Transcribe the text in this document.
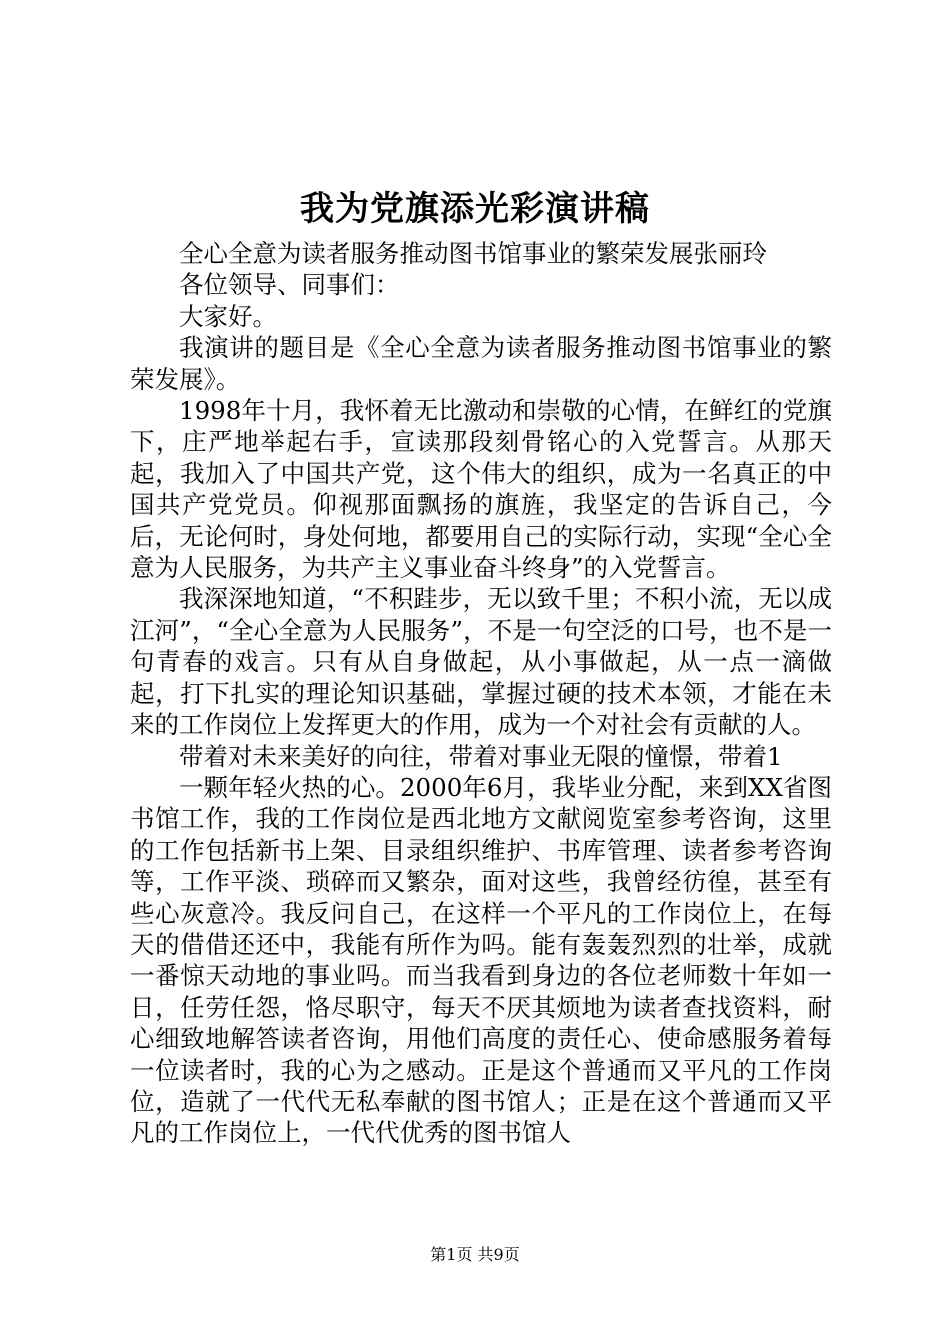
我为党旗添光彩演讲稿

全心全意为读者服务推动图书馆事业的繁荣发展张丽玲

各位领导、同事们：

大家好。

我演讲的题目是《全心全意为读者服务推动图书馆事业的繁荣发展》。

1998年十月，我怀着无比激动和崇敬的心情，在鲜红的党旗下，庄严地举起右手，宣读那段刻骨铭心的入党誓言。从那天起，我加入了中国共产党，这个伟大的组织，成为一名真正的中国共产党党员。仰视那面飘扬的旗旌，我坚定的告诉自己，今后，无论何时，身处何地，都要用自己的实际行动，实现“全心全意为人民服务，为共产主义事业奋斗终身”的入党誓言。

我深深地知道，“不积跬步，无以致千里；不积小流，无以成江河”，“全心全意为人民服务”，不是一句空泛的口号，也不是一句青春的戏言。只有从自身做起，从小事做起，从一点一滴做起，打下扎实的理论知识基础，掌握过硬的技术本领，才能在未来的工作岗位上发挥更大的作用，成为一个对社会有贡献的人。

带着对未来美好的向往，带着对事业无限的憧憬，带着1

一颗年轻火热的心。2000年6月，我毕业分配，来到XX省图书馆工作，我的工作岗位是西北地方文献阅览室参考咨询，这里的工作包括新书上架、目录组织维护、书库管理、读者参考咨询等，工作平淡、琐碎而又繁杂，面对这些，我曾经彷徨，甚至有些心灰意冷。我反问自己，在这样一个平凡的工作岗位上，在每天的借借还还中，我能有所作为吗。能有轰轰烈烈的壮举，成就一番惊天动地的事业吗。而当我看到身边的各位老师数十年如一日，任劳任怨，恪尽职守，每天不厌其烦地为读者查找资料，耐心细致地解答读者咨询，用他们高度的责任心、使命感服务着每一位读者时，我的心为之感动。正是这个普通而又平凡的工作岗位，造就了一代代无私奉献的图书馆人；正是在这个普通而又平凡的工作岗位上，一代代优秀的图书馆人

第1页 共9页
